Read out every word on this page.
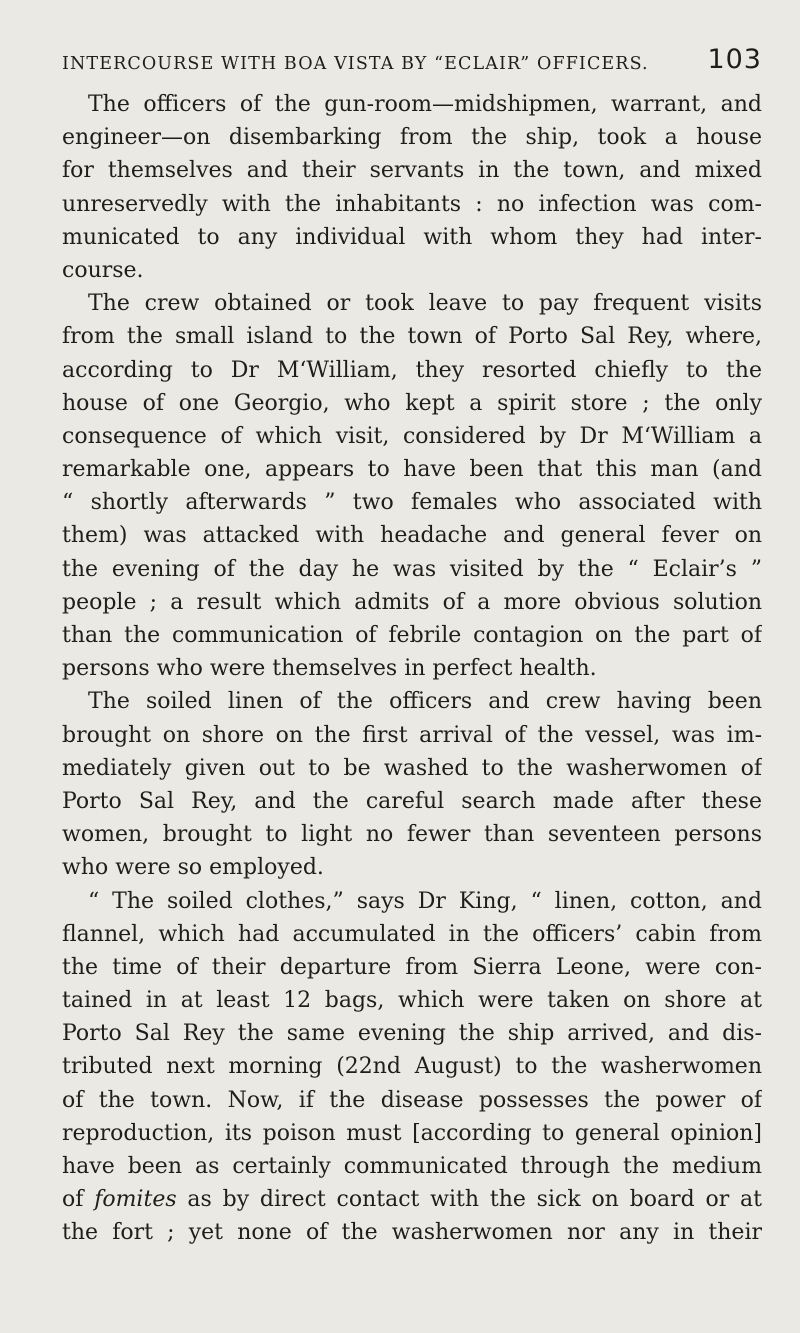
INTERCOURSE WITH BOA VISTA BY “ECLAIR” OFFICERS. 103
The officers of the gun-room—midshipmen, warrant, and
engineer—on disembarking from the ship, took a house
for themselves and their servants in the town, and mixed
unreservedly with the inhabitants : no infection was com-
municated to any individual with whom they had inter-
course.
The crew obtained or took leave to pay frequent visits
from the small island to the town of Porto Sal Rey, where,
according to Dr M‘William, they resorted chiefly to the
house of one Georgio, who kept a spirit store ; the only
consequence of which visit, considered by Dr M‘William a
remarkable one, appears to have been that this man (and
“ shortly afterwards ” two females who associated with
them) was attacked with headache and general fever on
the evening of the day he was visited by the “ Eclair’s ”
people ; a result which admits of a more obvious solution
than the communication of febrile contagion on the part of
persons who were themselves in perfect health.
The soiled linen of the officers and crew having been
brought on shore on the first arrival of the vessel, was im-
mediately given out to be washed to the washerwomen of
Porto Sal Rey, and the careful search made after these
women, brought to light no fewer than seventeen persons
who were so employed.
“ The soiled clothes,” says Dr King, “ linen, cotton, and
flannel, which had accumulated in the officers’ cabin from
the time of their departure from Sierra Leone, were con-
tained in at least 12 bags, which were taken on shore at
Porto Sal Rey the same evening the ship arrived, and dis-
tributed next morning (22nd August) to the washerwomen
of the town. Now, if the disease possesses the power of
reproduction, its poison must [according to general opinion]
have been as certainly communicated through the medium
of fomites as by direct contact with the sick on board or at
the fort ; yet none of the washerwomen nor any in their
